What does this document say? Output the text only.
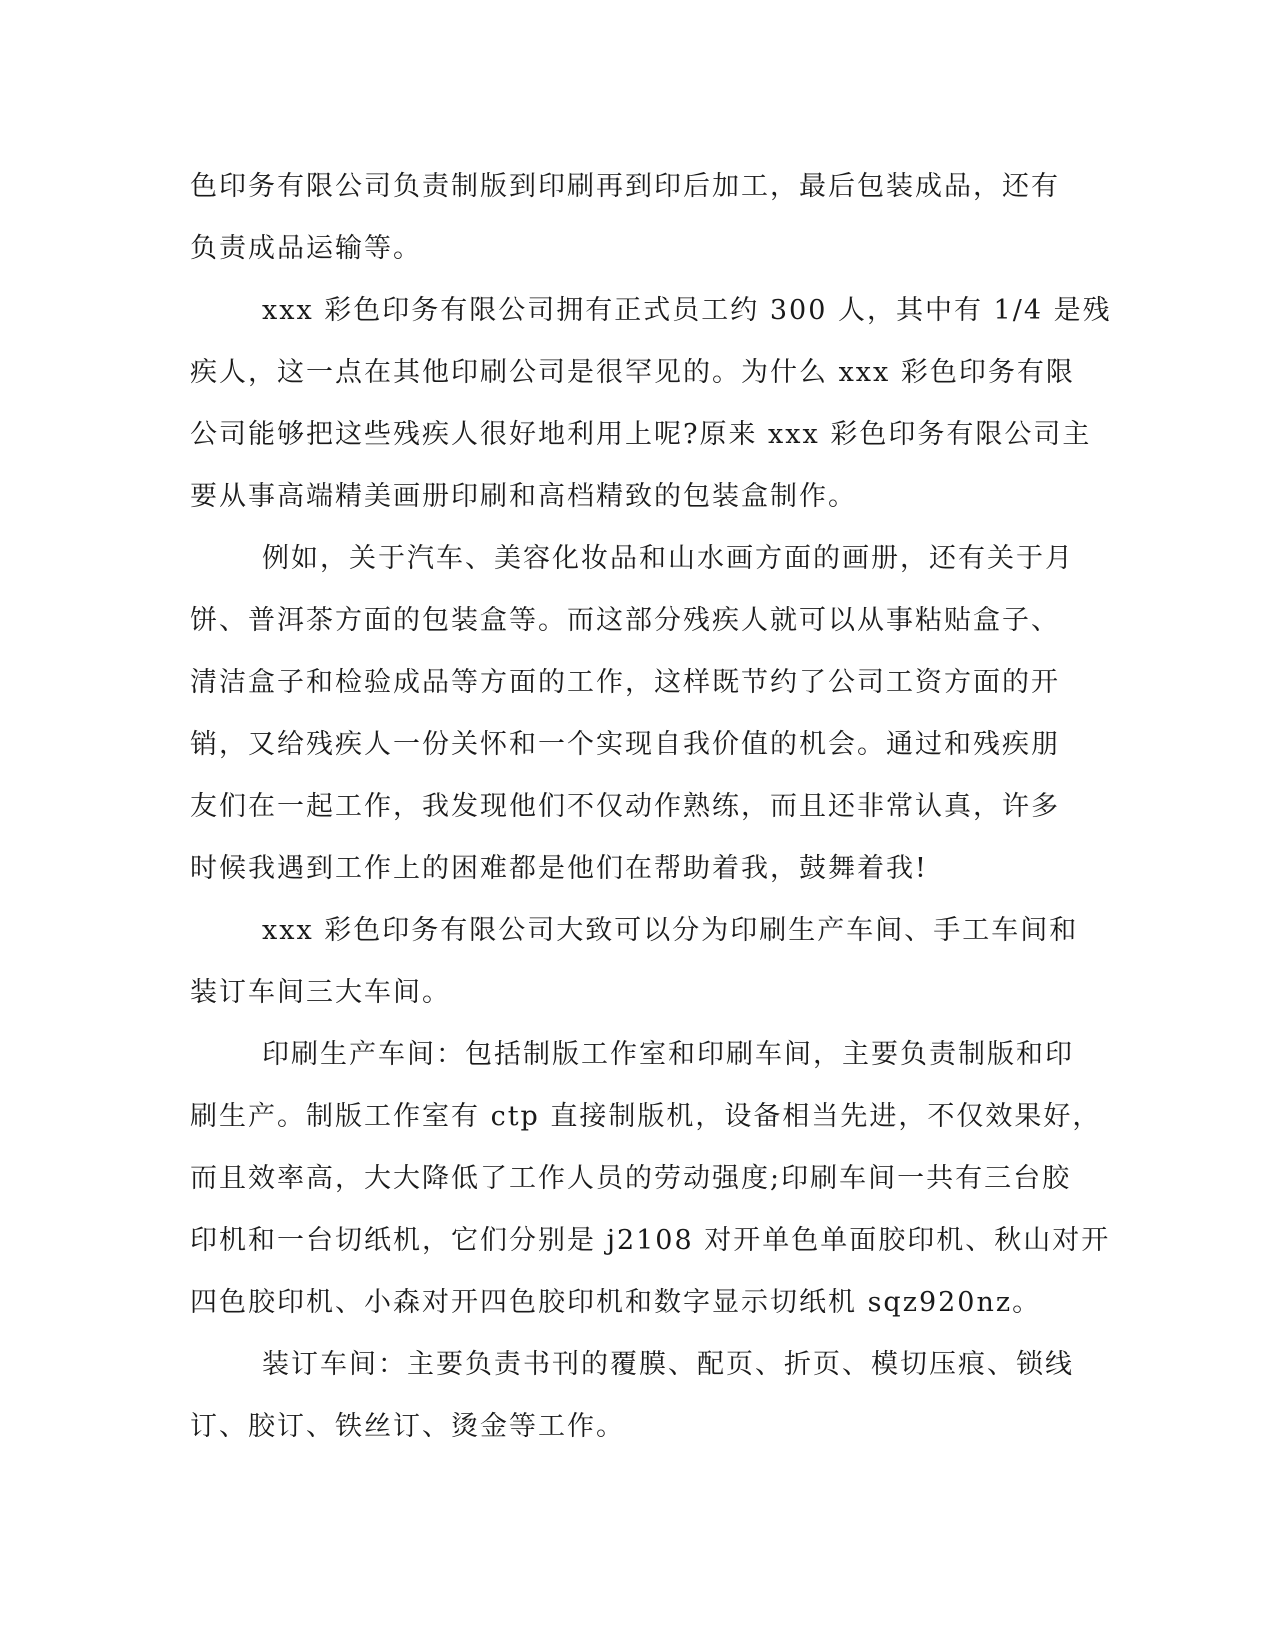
色印务有限公司负责制版到印刷再到印后加工，最后包装成品，还有
负责成品运输等。
xxx 彩色印务有限公司拥有正式员工约 300 人，其中有 1/4 是残
疾人，这一点在其他印刷公司是很罕见的。为什么 xxx 彩色印务有限
公司能够把这些残疾人很好地利用上呢?原来 xxx 彩色印务有限公司主
要从事高端精美画册印刷和高档精致的包装盒制作。
例如，关于汽车、美容化妆品和山水画方面的画册，还有关于月
饼、普洱茶方面的包装盒等。而这部分残疾人就可以从事粘贴盒子、
清洁盒子和检验成品等方面的工作，这样既节约了公司工资方面的开
销，又给残疾人一份关怀和一个实现自我价值的机会。通过和残疾朋
友们在一起工作，我发现他们不仅动作熟练，而且还非常认真，许多
时候我遇到工作上的困难都是他们在帮助着我，鼓舞着我!
xxx 彩色印务有限公司大致可以分为印刷生产车间、手工车间和
装订车间三大车间。
印刷生产车间：包括制版工作室和印刷车间，主要负责制版和印
刷生产。制版工作室有 ctp 直接制版机，设备相当先进，不仅效果好，
而且效率高，大大降低了工作人员的劳动强度;印刷车间一共有三台胶
印机和一台切纸机，它们分别是 j2108 对开单色单面胶印机、秋山对开
四色胶印机、小森对开四色胶印机和数字显示切纸机 sqz920nz。
装订车间：主要负责书刊的覆膜、配页、折页、模切压痕、锁线
订、胶订、铁丝订、烫金等工作。
